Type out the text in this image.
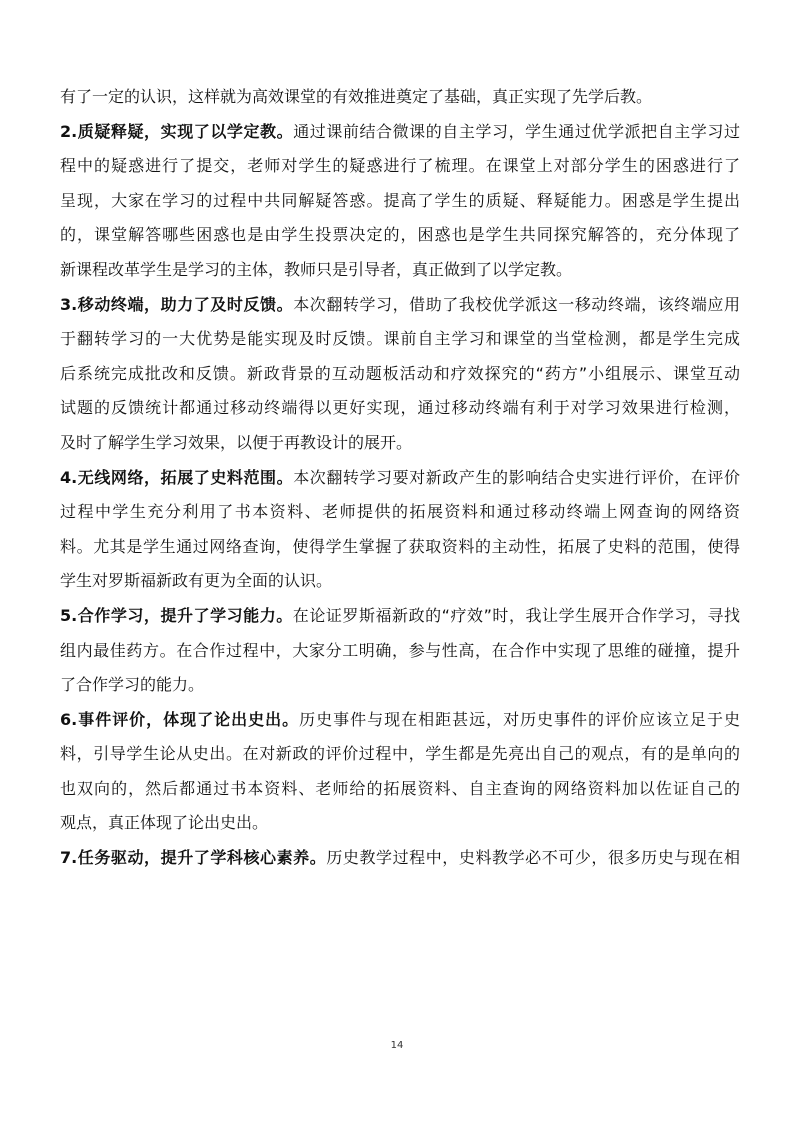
有了一定的认识，这样就为高效课堂的有效推进奠定了基础，真正实现了先学后教。
2.质疑释疑，实现了以学定教。通过课前结合微课的自主学习，学生通过优学派把自主学习过
程中的疑惑进行了提交，老师对学生的疑惑进行了梳理。在课堂上对部分学生的困惑进行了
呈现，大家在学习的过程中共同解疑答惑。提高了学生的质疑、释疑能力。困惑是学生提出
的，课堂解答哪些困惑也是由学生投票决定的，困惑也是学生共同探究解答的，充分体现了
新课程改革学生是学习的主体，教师只是引导者，真正做到了以学定教。
3.移动终端，助力了及时反馈。本次翻转学习，借助了我校优学派这一移动终端，该终端应用
于翻转学习的一大优势是能实现及时反馈。课前自主学习和课堂的当堂检测，都是学生完成
后系统完成批改和反馈。新政背景的互动题板活动和疗效探究的“药方”小组展示、课堂互动
试题的反馈统计都通过移动终端得以更好实现，通过移动终端有利于对学习效果进行检测，
及时了解学生学习效果，以便于再教设计的展开。
4.无线网络，拓展了史料范围。本次翻转学习要对新政产生的影响结合史实进行评价，在评价
过程中学生充分利用了书本资料、老师提供的拓展资料和通过移动终端上网查询的网络资
料。尤其是学生通过网络查询，使得学生掌握了获取资料的主动性，拓展了史料的范围，使得
学生对罗斯福新政有更为全面的认识。
5.合作学习，提升了学习能力。在论证罗斯福新政的“疗效”时，我让学生展开合作学习，寻找
组内最佳药方。在合作过程中，大家分工明确，参与性高，在合作中实现了思维的碰撞，提升
了合作学习的能力。
6.事件评价，体现了论出史出。历史事件与现在相距甚远，对历史事件的评价应该立足于史
料，引导学生论从史出。在对新政的评价过程中，学生都是先亮出自己的观点，有的是单向的
也双向的，然后都通过书本资料、老师给的拓展资料、自主查询的网络资料加以佐证自己的
观点，真正体现了论出史出。
7.任务驱动，提升了学科核心素养。历史教学过程中，史料教学必不可少，很多历史与现在相
14
